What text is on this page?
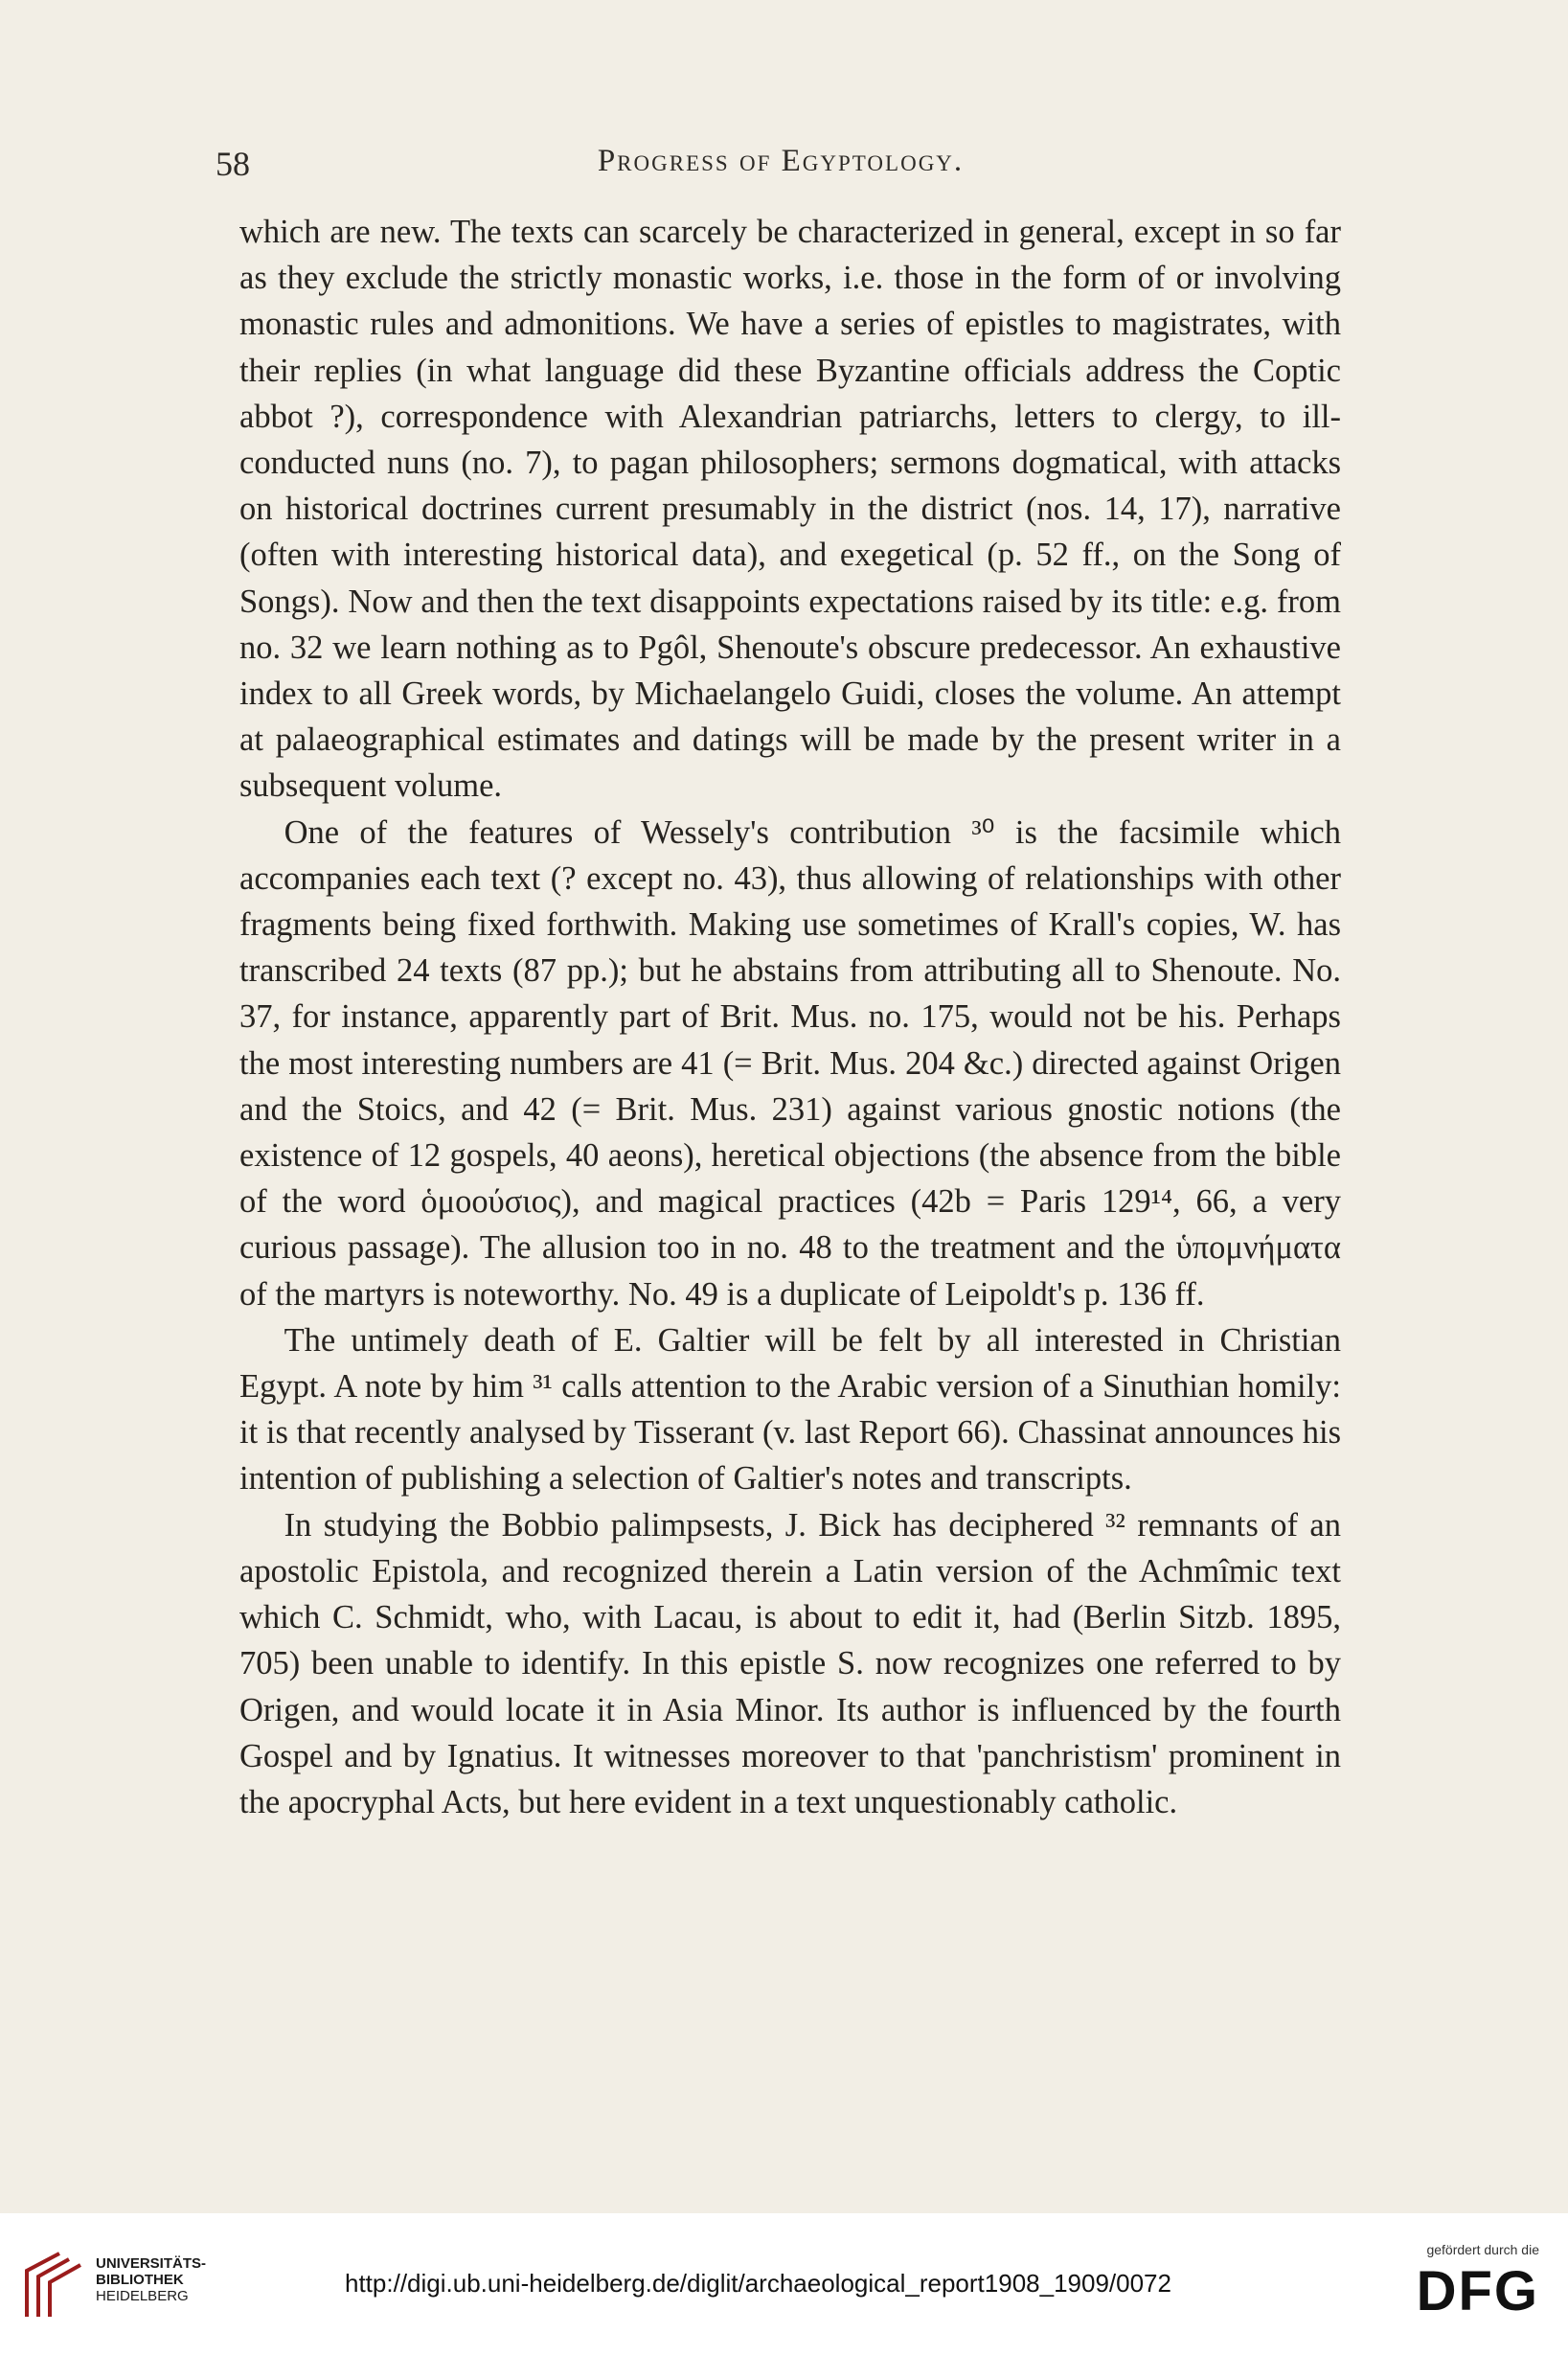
58	Progress of Egyptology.

which are new. The texts can scarcely be characterized in general, except in so far as they exclude the strictly monastic works, i.e. those in the form of or involving monastic rules and admonitions. We have a series of epistles to magistrates, with their replies (in what language did these Byzantine officials address the Coptic abbot ?), correspondence with Alexandrian patriarchs, letters to clergy, to ill-conducted nuns (no. 7), to pagan philosophers; sermons dogmatical, with attacks on historical doctrines current presumably in the district (nos. 14, 17), narrative (often with interesting historical data), and exegetical (p. 52 ff., on the Song of Songs). Now and then the text disappoints expectations raised by its title: e.g. from no. 32 we learn nothing as to Pgôl, Shenoute's obscure predecessor. An exhaustive index to all Greek words, by Michaelangelo Guidi, closes the volume. An attempt at palaeographical estimates and datings will be made by the present writer in a subsequent volume.

One of the features of Wessely's contribution ³⁰ is the facsimile which accompanies each text (? except no. 43), thus allowing of relationships with other fragments being fixed forthwith. Making use sometimes of Krall's copies, W. has transcribed 24 texts (87 pp.); but he abstains from attributing all to Shenoute. No. 37, for instance, apparently part of Brit. Mus. no. 175, would not be his. Perhaps the most interesting numbers are 41 (= Brit. Mus. 204 &c.) directed against Origen and the Stoics, and 42 (= Brit. Mus. 231) against various gnostic notions (the existence of 12 gospels, 40 aeons), heretical objections (the absence from the bible of the word ὁμοούσιος), and magical practices (42b = Paris 129¹⁴, 66, a very curious passage). The allusion too in no. 48 to the treatment and the ὑπομνήματα of the martyrs is noteworthy. No. 49 is a duplicate of Leipoldt's p. 136 ff.

The untimely death of E. Galtier will be felt by all interested in Christian Egypt. A note by him ³¹ calls attention to the Arabic version of a Sinuthian homily: it is that recently analysed by Tisserant (v. last Report 66). Chassinat announces his intention of publishing a selection of Galtier's notes and transcripts.

In studying the Bobbio palimpsests, J. Bick has deciphered ³² remnants of an apostolic Epistola, and recognized therein a Latin version of the Achmîmic text which C. Schmidt, who, with Lacau, is about to edit it, had (Berlin Sitzb. 1895, 705) been unable to identify. In this epistle S. now recognizes one referred to by Origen, and would locate it in Asia Minor. Its author is influenced by the fourth Gospel and by Ignatius. It witnesses moreover to that 'panchristism' prominent in the apocryphal Acts, but here evident in a text unquestionably catholic.

UNIVERSITÄTS-
BIBLIOTHEK
HEIDELBERG	http://digi.ub.uni-heidelberg.de/diglit/archaeological_report1908_1909/0072
gefördert durch die
DFG
